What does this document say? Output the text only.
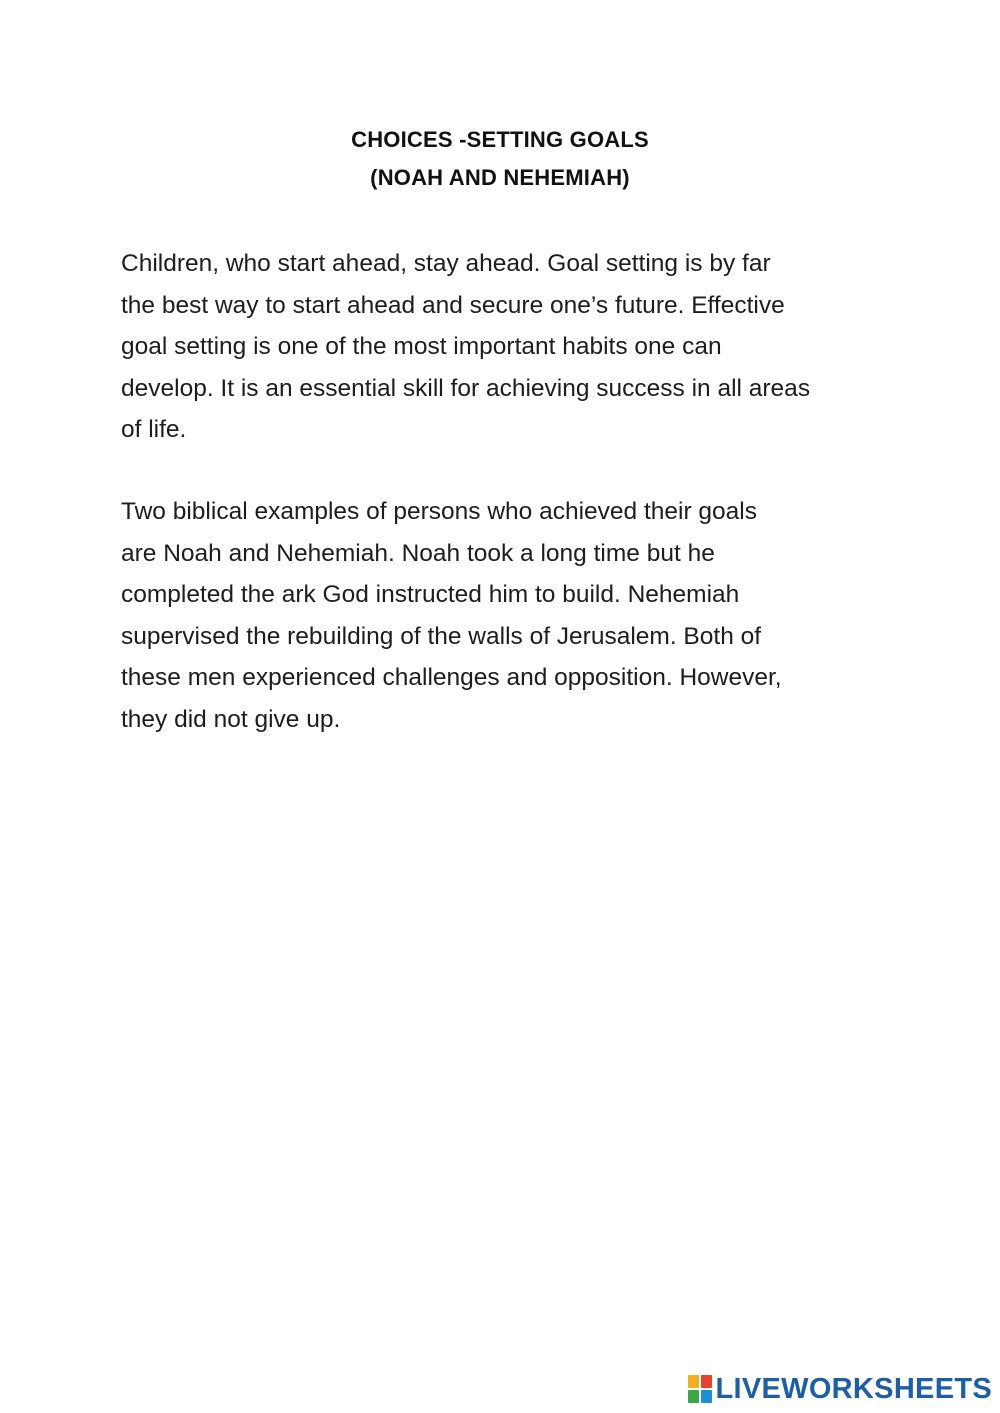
CHOICES -SETTING GOALS
(NOAH AND NEHEMIAH)

Children, who start ahead, stay ahead. Goal setting is by far
the best way to start ahead and secure one’s future. Effective
goal setting is one of the most important habits one can
develop. It is an essential skill for achieving success in all areas
of life.

Two biblical examples of persons who achieved their goals
are Noah and Nehemiah. Noah took a long time but he
completed the ark God instructed him to build. Nehemiah
supervised the rebuilding of the walls of Jerusalem. Both of
these men experienced challenges and opposition. However,
they did not give up.

LIVEWORKSHEETS
